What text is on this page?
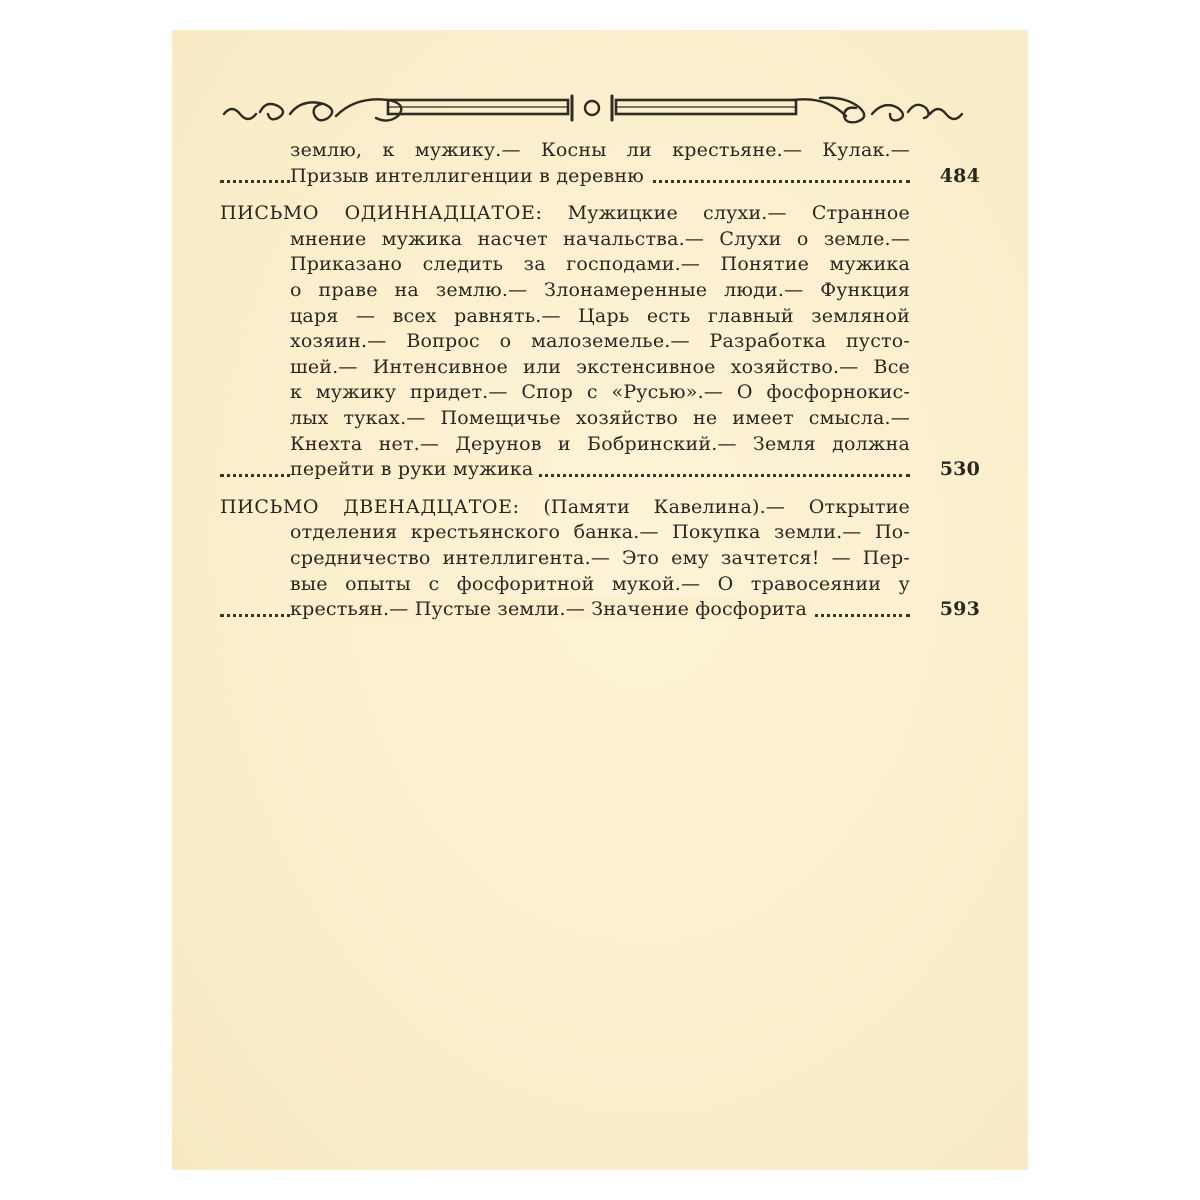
землю, к мужику.— Косны ли крестьяне.— Кулак.—
Призыв интеллигенции в деревню	484
ПИСЬМО ОДИННАДЦАТОЕ: Мужицкие слухи.— Странное
мнение мужика насчет начальства.— Слухи о земле.—
Приказано следить за господами.— Понятие мужика
о праве на землю.— Злонамеренные люди.— Функция
царя — всех равнять.— Царь есть главный земляной
хозяин.— Вопрос о малоземелье.— Разработка пусто-
шей.— Интенсивное или экстенсивное хозяйство.— Все
к мужику придет.— Спор с «Русью».— О фосфорнокис-
лых туках.— Помещичье хозяйство не имеет смысла.—
Кнехта нет.— Дерунов и Бобринский.— Земля должна
перейти в руки мужика	530
ПИСЬМО ДВЕНАДЦАТОЕ: (Памяти Кавелина).— Открытие
отделения крестьянского банка.— Покупка земли.— По-
средничество интеллигента.— Это ему зачтется! — Пер-
вые опыты с фосфоритной мукой.— О травосеянии у
крестьян.— Пустые земли.— Значение фосфорита	593
